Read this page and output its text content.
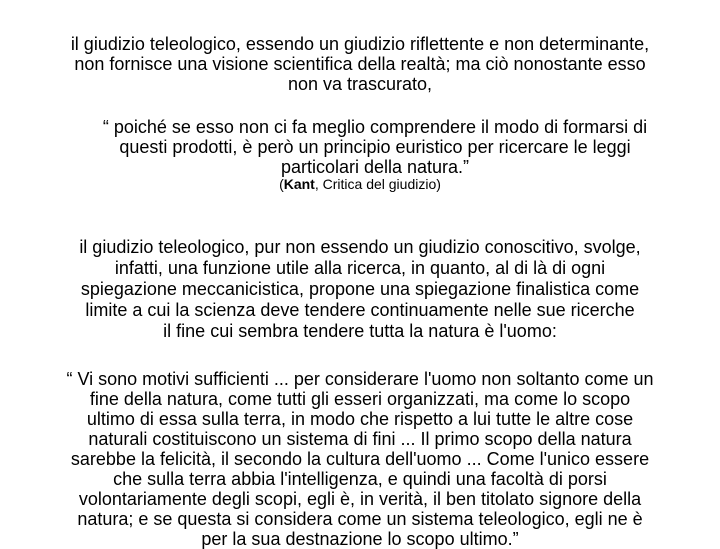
il giudizio teleologico, essendo un giudizio riflettente e non determinante,
non fornisce una visione scientifica della realtà; ma ciò nonostante esso
non va trascurato,

“ poiché se esso non ci fa meglio comprendere il modo di formarsi di
questi prodotti, è però un principio euristico per ricercare le leggi
particolari della natura.”

(Kant, Critica del giudizio)

il giudizio teleologico, pur non essendo un giudizio conoscitivo, svolge,
infatti, una funzione utile alla ricerca, in quanto, al di là di ogni
spiegazione meccanicistica, propone una spiegazione finalistica come
limite a cui la scienza deve tendere continuamente nelle sue ricerche
il fine cui sembra tendere tutta la natura è l'uomo:

“ Vi sono motivi sufficienti ... per considerare l'uomo non soltanto come un
fine della natura, come tutti gli esseri organizzati, ma come lo scopo
ultimo di essa sulla terra, in modo che rispetto a lui tutte le altre cose
naturali costituiscono un sistema di fini ... Il primo scopo della natura
sarebbe la felicità, il secondo la cultura dell'uomo ... Come l'unico essere
che sulla terra abbia l'intelligenza, e quindi una facoltà di porsi
volontariamente degli scopi, egli è, in verità, il ben titolato signore della
natura; e se questa si considera come un sistema teleologico, egli ne è
per la sua destnazione lo scopo ultimo.”
